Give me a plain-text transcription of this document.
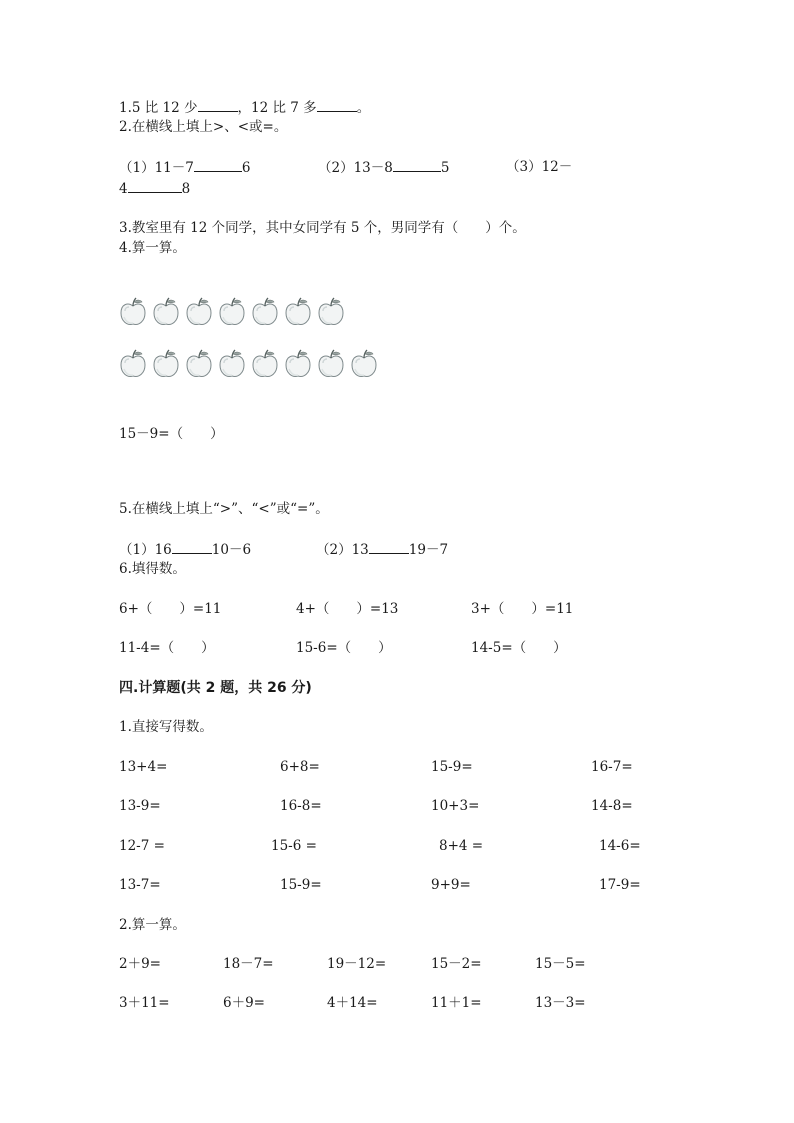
1.5 比 12 少	，12 比 7 多	。
2.在横线上填上>、<或=。
（1）11－7	6	（2）13－8	5	（3）12－
4	8
3.教室里有 12 个同学，其中女同学有 5 个，男同学有（　　）个。
4.算一算。
15－9=（　　）
5.在横线上填上“>”、“<”或“=”。
（1）16	10－6	（2）13	19－7
6.填得数。
6+（　　）=11	4+（　　）=13	3+（　　）=11
11-4=（　　）	15-6=（　　）	14-5=（　　）
四.计算题(共 2 题，共 26 分)
1.直接写得数。
13+4=	6+8=	15-9=	16-7=
13-9=	16-8=	10+3=	14-8=
12-7 =	15-6 =	8+4 =	14-6=
13-7=	15-9=	9+9=	17-9=
2.算一算。
2＋9=	18－7=	19－12=	15－2=	15－5=
3＋11=	6＋9=	4＋14=	11＋1=	13－3=
